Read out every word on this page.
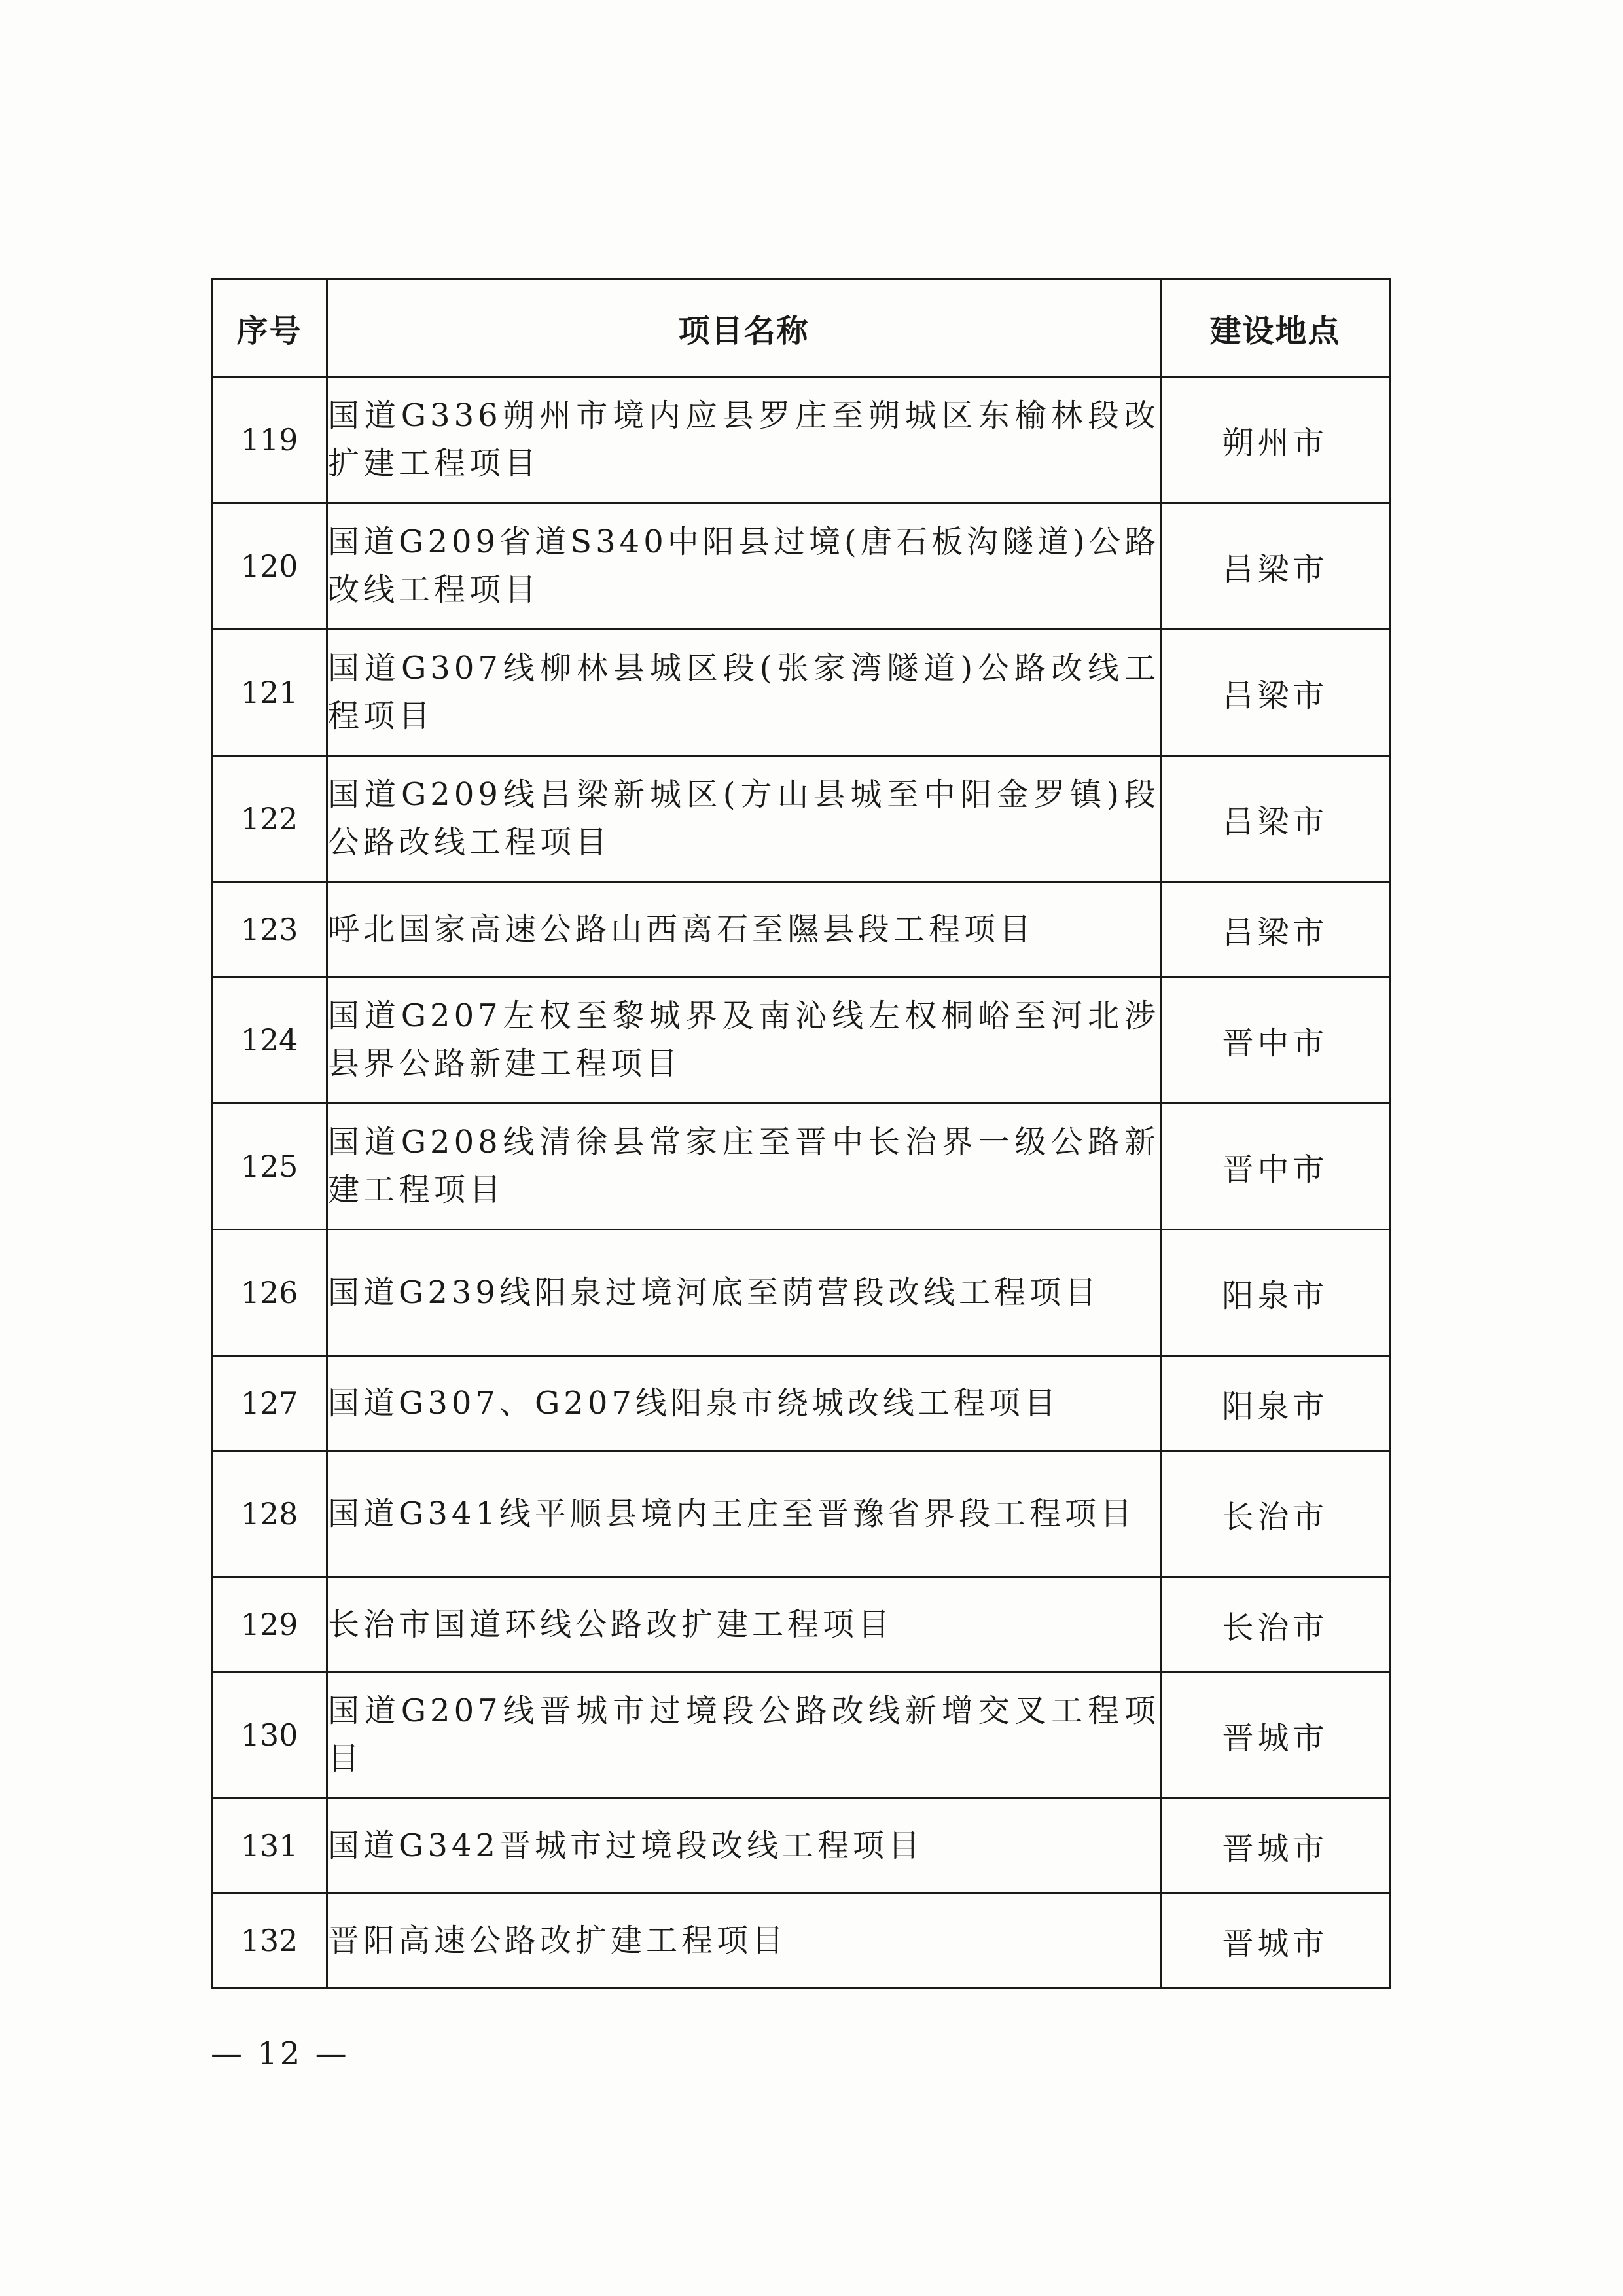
序号	项目名称	建设地点
119	国道G336朔州市境内应县罗庄至朔城区东榆林段改扩建工程项目	朔州市
120	国道G209省道S340中阳县过境(唐石板沟隧道)公路改线工程项目	吕梁市
121	国道G307线柳林县城区段(张家湾隧道)公路改线工程项目	吕梁市
122	国道G209线吕梁新城区(方山县城至中阳金罗镇)段公路改线工程项目	吕梁市
123	呼北国家高速公路山西离石至隰县段工程项目	吕梁市
124	国道G207左权至黎城界及南沁线左权桐峪至河北涉县界公路新建工程项目	晋中市
125	国道G208线清徐县常家庄至晋中长治界一级公路新建工程项目	晋中市
126	国道G239线阳泉过境河底至荫营段改线工程项目	阳泉市
127	国道G307、G207线阳泉市绕城改线工程项目	阳泉市
128	国道G341线平顺县境内王庄至晋豫省界段工程项目	长治市
129	长治市国道环线公路改扩建工程项目	长治市
130	国道G207线晋城市过境段公路改线新增交叉工程项目	晋城市
131	国道G342晋城市过境段改线工程项目	晋城市
132	晋阳高速公路改扩建工程项目	晋城市
— 12 —
